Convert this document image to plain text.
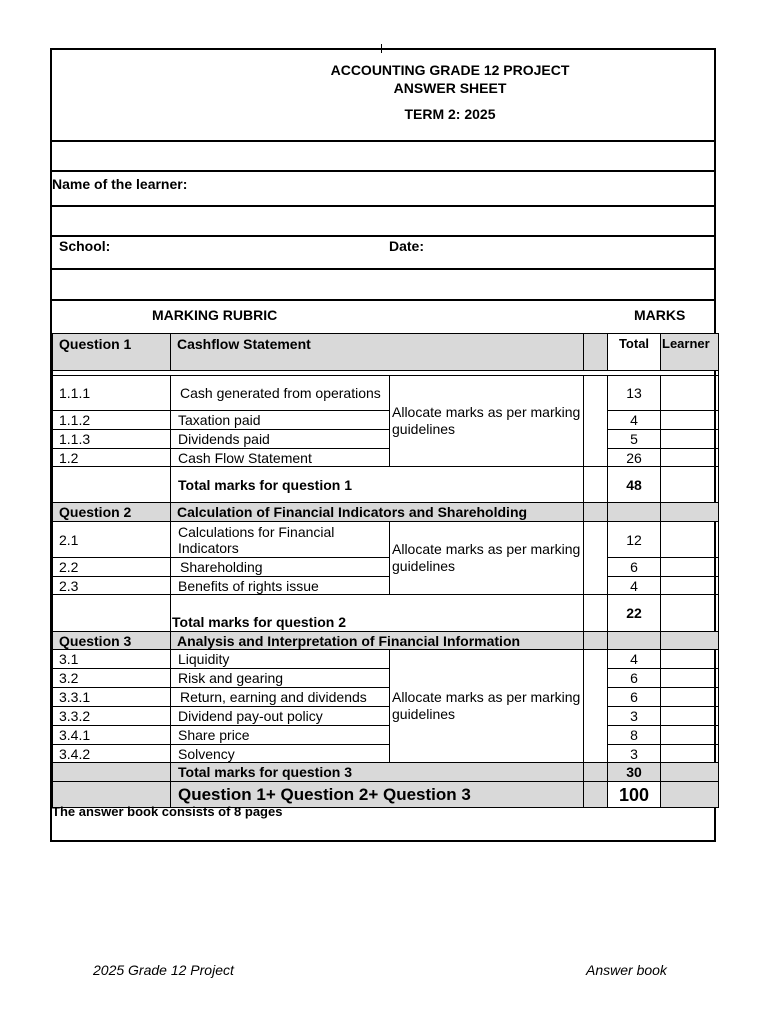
ACCOUNTING GRADE 12 PROJECT
ANSWER SHEET
TERM 2: 2025
Name of the learner:
School:	Date:
MARKING RUBRIC	MARKS
Question 1	Cashflow Statement			Total	Learner

1.1.1	Cash generated from operations	Allocate marks as per marking guidelines		13	
1.1.2	Taxation paid			4	
1.1.3	Dividends paid			5	
1.2	Cash Flow Statement			26	
	Total marks for question 1			48	
Question 2	Calculation of Financial Indicators and Shareholding				
2.1	Calculations for Financial Indicators	Allocate marks as per marking guidelines		12	
2.2	Shareholding			6	
2.3	Benefits of rights issue			4	
	Total marks for question 2			22	
Question 3	Analysis and Interpretation of Financial Information				
3.1	Liquidity	Allocate marks as per marking guidelines		4	
3.2	Risk and gearing			6	
3.3.1	Return, earning and dividends			6	
3.3.2	Dividend pay-out policy			3	
3.4.1	Share price			8	
3.4.2	Solvency			3	
	Total marks for question 3			30	
	Question 1+ Question 2+ Question 3			100	
The answer book consists of 8 pages
2025 Grade 12 Project	Answer book
